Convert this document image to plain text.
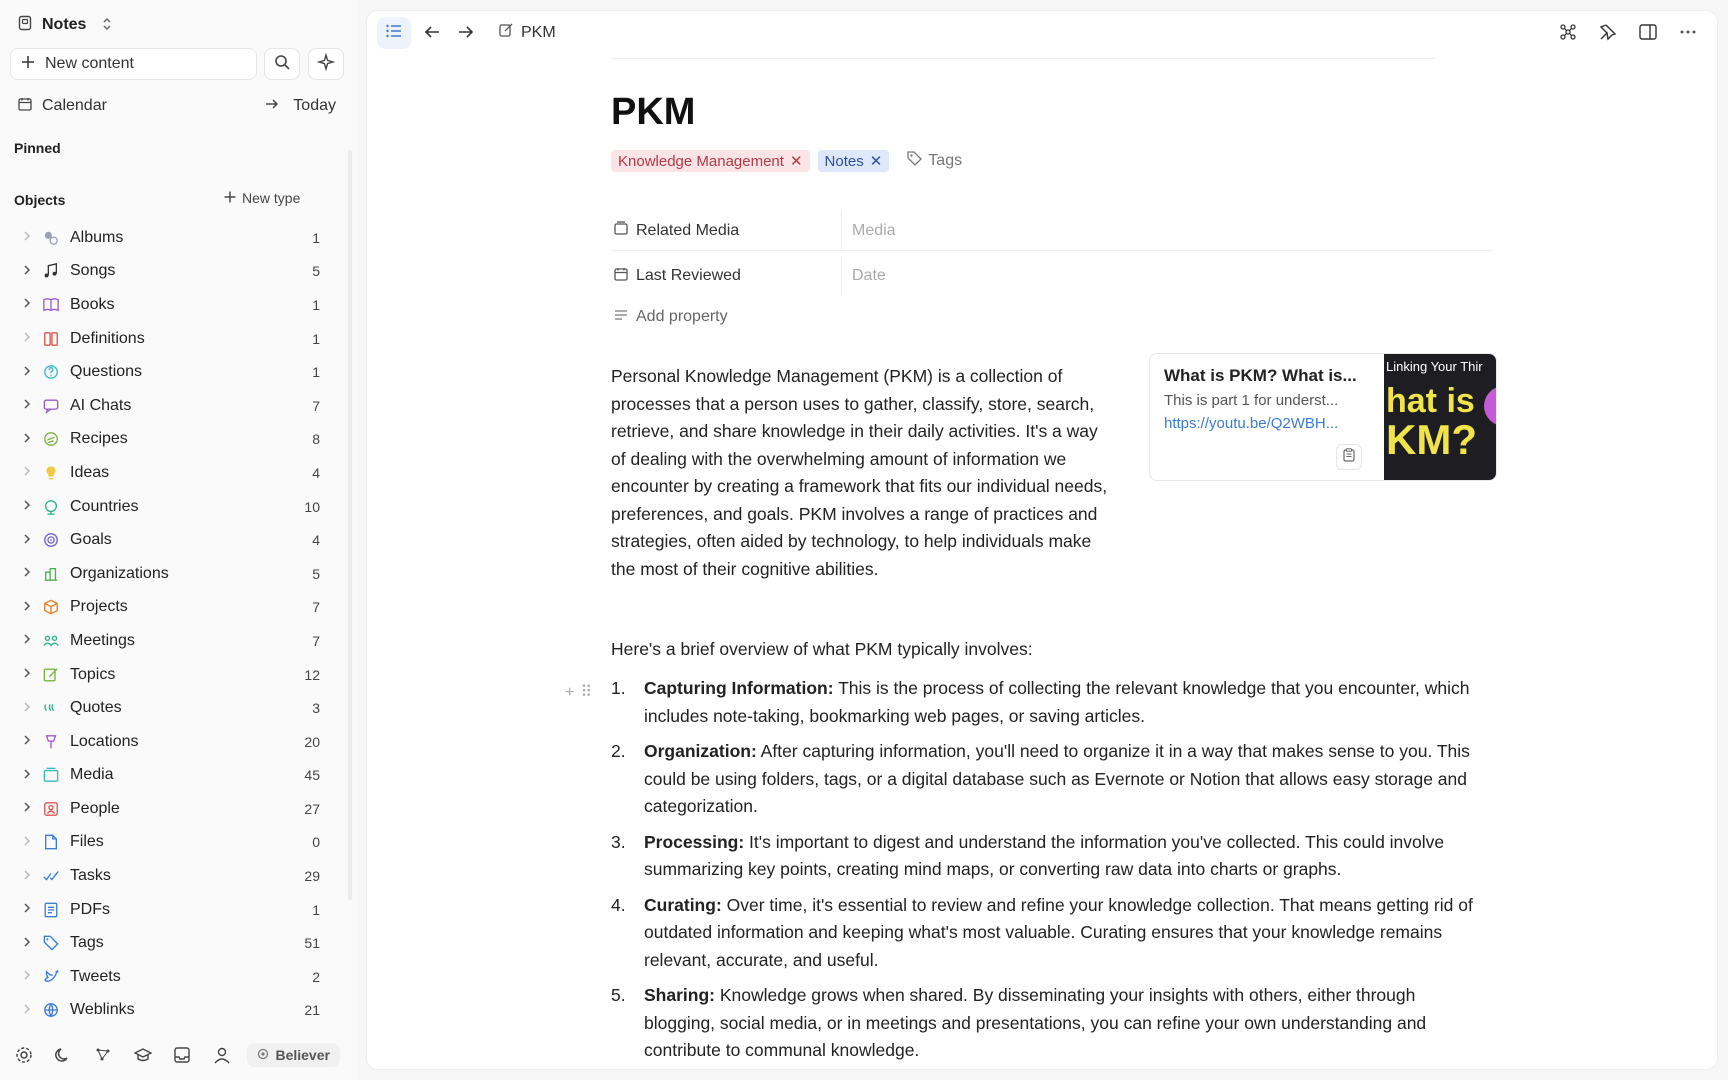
Notes
New content
Calendar	Today
Pinned
Objects	New type
Albums	1
Songs	5
Books	1
Definitions	1
Questions	1
AI Chats	7
Recipes	8
Ideas	4
Countries	10
Goals	4
Organizations	5
Projects	7
Meetings	7
Topics	12
Quotes	3
Locations	20
Media	45
People	27
Files	0
Tasks	29
PDFs	1
Tags	51
Tweets	2
Weblinks	21
Believer
PKM
PKM
Knowledge Management ✕ Notes ✕	Tags
Related Media	Media
Last Reviewed	Date
Add property
Personal Knowledge Management (PKM) is a collection of processes that a person uses to gather, classify, store, search, retrieve, and share knowledge in their daily activities. It's a way of dealing with the overwhelming amount of information we encounter by creating a framework that fits our individual needs, preferences, and goals. PKM involves a range of practices and strategies, often aided by technology, to help individuals make the most of their cognitive abilities.
What is PKM? What is...
This is part 1 for underst...
https://youtu.be/Q2WBH...
Linking Your Thir
hat is
KM?
Here's a brief overview of what PKM typically involves:
+ ⠿ 1.	Capturing Information: This is the process of collecting the relevant knowledge that you encounter, which includes note-taking, bookmarking web pages, or saving articles.
2.	Organization: After capturing information, you'll need to organize it in a way that makes sense to you. This could be using folders, tags, or a digital database such as Evernote or Notion that allows easy storage and categorization.
3.	Processing: It's important to digest and understand the information you've collected. This could involve summarizing key points, creating mind maps, or converting raw data into charts or graphs.
4.	Curating: Over time, it's essential to review and refine your knowledge collection. That means getting rid of outdated information and keeping what's most valuable. Curating ensures that your knowledge remains relevant, accurate, and useful.
5.	Sharing: Knowledge grows when shared. By disseminating your insights with others, either through blogging, social media, or in meetings and presentations, you can refine your own understanding and contribute to communal knowledge.
